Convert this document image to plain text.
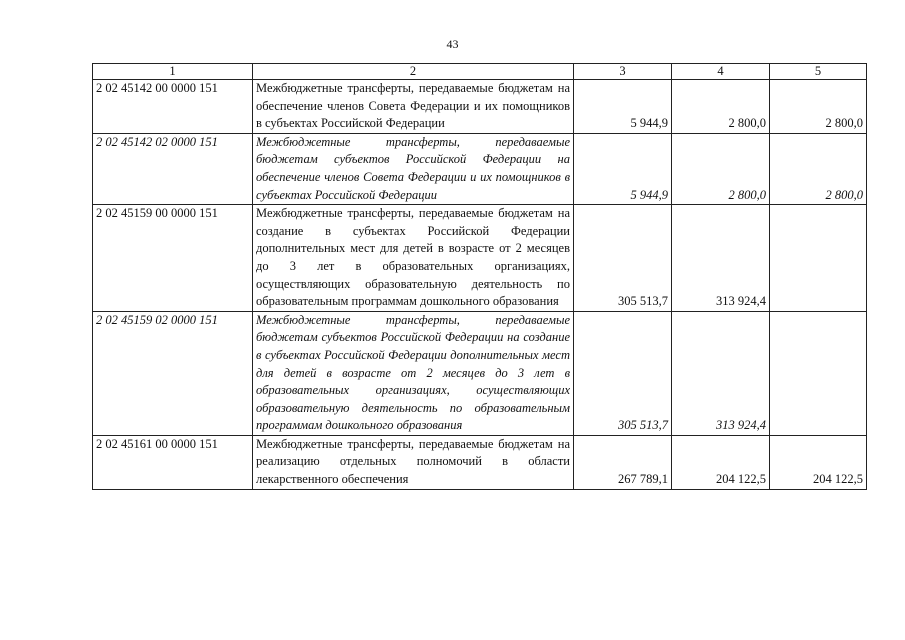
43
1	2	3	4	5
2 02 45142 00 0000 151	Межбюджетные трансферты, передаваемые бюджетам на обеспечение членов Совета Федерации и их помощников в субъектах Российской Федерации	5 944,9	2 800,0	2 800,0
2 02 45142 02 0000 151	Межбюджетные трансферты, передаваемые бюджетам субъектов Российской Федерации на обеспечение членов Совета Федерации и их помощников в субъектах Российской Федерации	5 944,9	2 800,0	2 800,0
2 02 45159 00 0000 151	Межбюджетные трансферты, передаваемые бюджетам на создание в субъектах Российской Федерации дополнительных мест для детей в возрасте от 2 месяцев до 3 лет в образовательных организациях, осуществляющих образовательную деятельность по образовательным программам дошкольного образования	305 513,7	313 924,4	
2 02 45159 02 0000 151	Межбюджетные трансферты, передаваемые бюджетам субъектов Российской Федерации на создание в субъектах Российской Федерации дополнительных мест для детей в возрасте от 2 месяцев до 3 лет в образовательных организациях, осуществляющих образовательную деятельность по образовательным программам дошкольного образования	305 513,7	313 924,4	
2 02 45161 00 0000 151	Межбюджетные трансферты, передаваемые бюджетам на реализацию отдельных полномочий в области лекарственного обеспечения	267 789,1	204 122,5	204 122,5
